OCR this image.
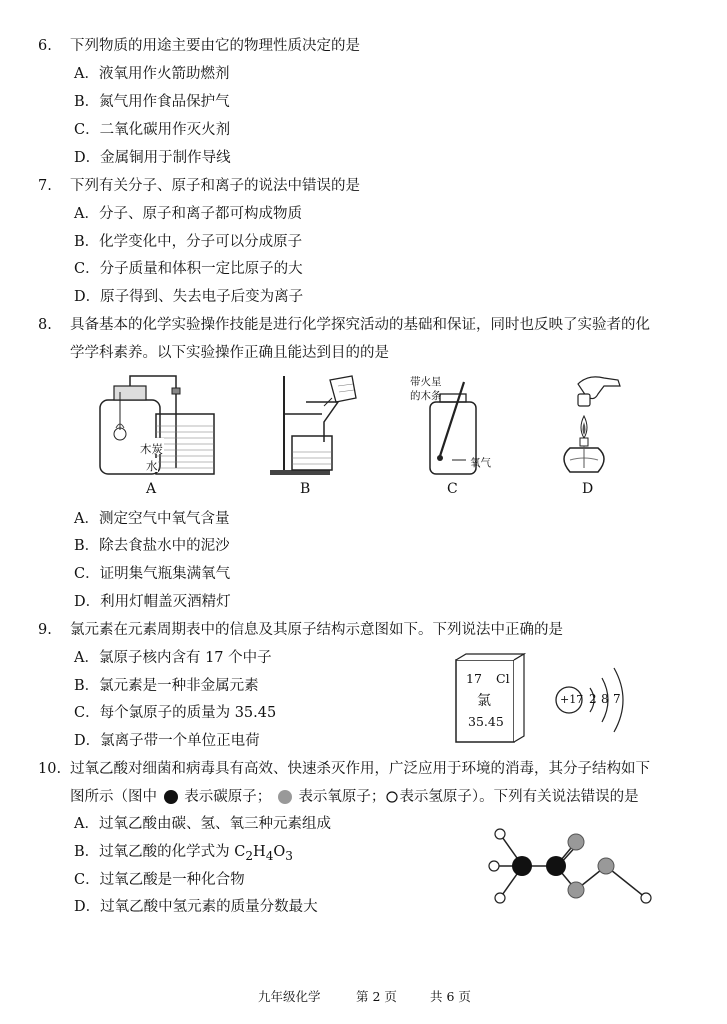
6. 下列物质的用途主要由它的物理性质决定的是
A．液氧用作火箭助燃剂
B．氮气用作食品保护气
C．二氧化碳用作灭火剂
D．金属铜用于制作导线
7. 下列有关分子、原子和离子的说法中错误的是
A．分子、原子和离子都可构成物质
B．化学变化中，分子可以分成原子
C．分子质量和体积一定比原子的大
D．原子得到、失去电子后变为离子
8. 具备基本的化学实验操作技能是进行化学探究活动的基础和保证，同时也反映了实验者的化
学学科素养。以下实验操作正确且能达到目的的是
木炭
水
带火星
的木条
氧气
A	B	C	D
A．测定空气中氧气含量
B．除去食盐水中的泥沙
C．证明集气瓶集满氧气
D．利用灯帽盖灭酒精灯
9. 氯元素在元素周期表中的信息及其原子结构示意图如下。下列说法中正确的是
A．氯原子核内含有 17 个中子
B．氯元素是一种非金属元素
C．每个氯原子的质量为 35.45
D．氯离子带一个单位正电荷
17 Cl
氯
35.45
+17 2 8 7
10. 过氧乙酸对细菌和病毒具有高效、快速杀灭作用，广泛应用于环境的消毒，其分子结构如下
图所示（图中 表示碳原子； 表示氧原子； 表示氢原子）。下列有关说法错误的是
A．过氧乙酸由碳、氢、氧三种元素组成
B．过氧乙酸的化学式为 $C_2H_4O_3$
C．过氧乙酸是一种化合物
D．过氧乙酸中氢元素的质量分数最大
九年级化学	第 2 页	共 6 页
